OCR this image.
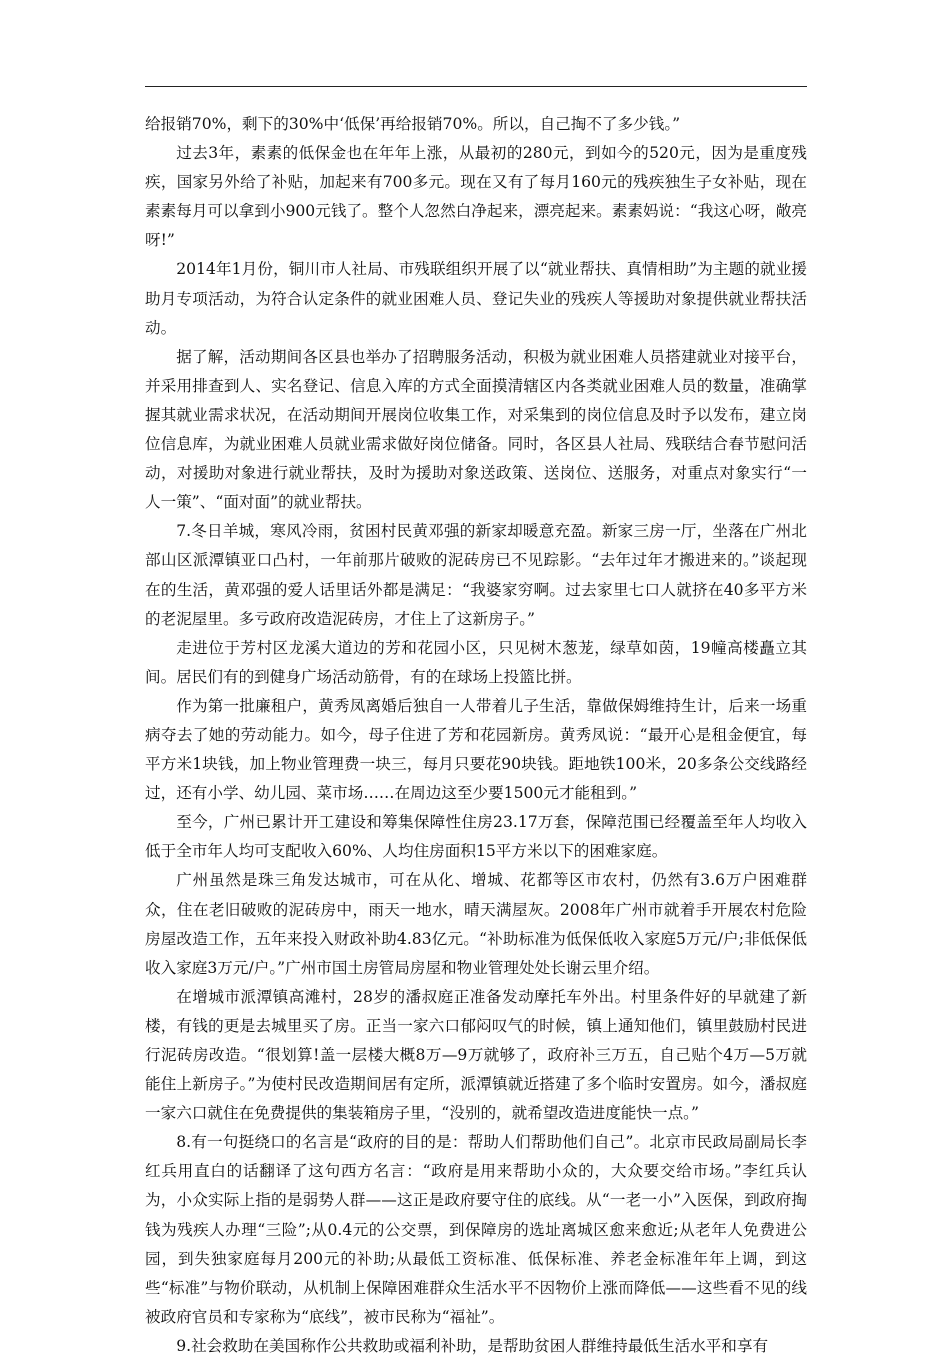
给报销70%，剩下的30%中‘低保’再给报销70%。所以，自己掏不了多少钱。”

过去3年，素素的低保金也在年年上涨，从最初的280元，到如今的520元，因为是重度残疾，国家另外给了补贴，加起来有700多元。现在又有了每月160元的残疾独生子女补贴，现在素素每月可以拿到小900元钱了。整个人忽然白净起来，漂亮起来。素素妈说：“我这心呀，敞亮呀!”

2014年1月份，铜川市人社局、市残联组织开展了以“就业帮扶、真情相助”为主题的就业援助月专项活动，为符合认定条件的就业困难人员、登记失业的残疾人等援助对象提供就业帮扶活动。

据了解，活动期间各区县也举办了招聘服务活动，积极为就业困难人员搭建就业对接平台，并采用排查到人、实名登记、信息入库的方式全面摸清辖区内各类就业困难人员的数量，准确掌握其就业需求状况，在活动期间开展岗位收集工作，对采集到的岗位信息及时予以发布，建立岗位信息库，为就业困难人员就业需求做好岗位储备。同时，各区县人社局、残联结合春节慰问活动，对援助对象进行就业帮扶，及时为援助对象送政策、送岗位、送服务，对重点对象实行“一人一策”、“面对面”的就业帮扶。

7.冬日羊城，寒风冷雨，贫困村民黄邓强的新家却暖意充盈。新家三房一厅，坐落在广州北部山区派潭镇亚口凸村，一年前那片破败的泥砖房已不见踪影。“去年过年才搬进来的。”谈起现在的生活，黄邓强的爱人话里话外都是满足：“我婆家穷啊。过去家里七口人就挤在40多平方米的老泥屋里。多亏政府改造泥砖房，才住上了这新房子。”

走进位于芳村区龙溪大道边的芳和花园小区，只见树木葱茏，绿草如茵，19幢高楼矗立其间。居民们有的到健身广场活动筋骨，有的在球场上投篮比拼。

作为第一批廉租户，黄秀凤离婚后独自一人带着儿子生活，靠做保姆维持生计，后来一场重病夺去了她的劳动能力。如今，母子住进了芳和花园新房。黄秀凤说：“最开心是租金便宜，每平方米1块钱，加上物业管理费一块三，每月只要花90块钱。距地铁100米，20多条公交线路经过，还有小学、幼儿园、菜市场……在周边这至少要1500元才能租到。”

至今，广州已累计开工建设和筹集保障性住房23.17万套，保障范围已经覆盖至年人均收入低于全市年人均可支配收入60%、人均住房面积15平方米以下的困难家庭。

广州虽然是珠三角发达城市，可在从化、增城、花都等区市农村，仍然有3.6万户困难群众，住在老旧破败的泥砖房中，雨天一地水，晴天满屋灰。2008年广州市就着手开展农村危险房屋改造工作，五年来投入财政补助4.83亿元。“补助标准为低保低收入家庭5万元/户;非低保低收入家庭3万元/户。”广州市国土房管局房屋和物业管理处处长谢云里介绍。

在增城市派潭镇高滩村，28岁的潘叔庭正准备发动摩托车外出。村里条件好的早就建了新楼，有钱的更是去城里买了房。正当一家六口郁闷叹气的时候，镇上通知他们，镇里鼓励村民进行泥砖房改造。“很划算!盖一层楼大概8万—9万就够了，政府补三万五，自己贴个4万—5万就能住上新房子。”为使村民改造期间居有定所，派潭镇就近搭建了多个临时安置房。如今，潘叔庭一家六口就住在免费提供的集装箱房子里，“没别的，就希望改造进度能快一点。”

8.有一句挺绕口的名言是“政府的目的是：帮助人们帮助他们自己”。北京市民政局副局长李红兵用直白的话翻译了这句西方名言：“政府是用来帮助小众的，大众要交给市场。”李红兵认为，小众实际上指的是弱势人群——这正是政府要守住的底线。从“一老一小”入医保，到政府掏钱为残疾人办理“三险”;从0.4元的公交票，到保障房的选址离城区愈来愈近;从老年人免费进公园，到失独家庭每月200元的补助;从最低工资标准、低保标准、养老金标准年年上调，到这些“标准”与物价联动，从机制上保障困难群众生活水平不因物价上涨而降低——这些看不见的线被政府官员和专家称为“底线”，被市民称为“福祉”。

9.社会救助在美国称作公共救助或福利补助，是帮助贫困人群维持最低生活水平和享有
